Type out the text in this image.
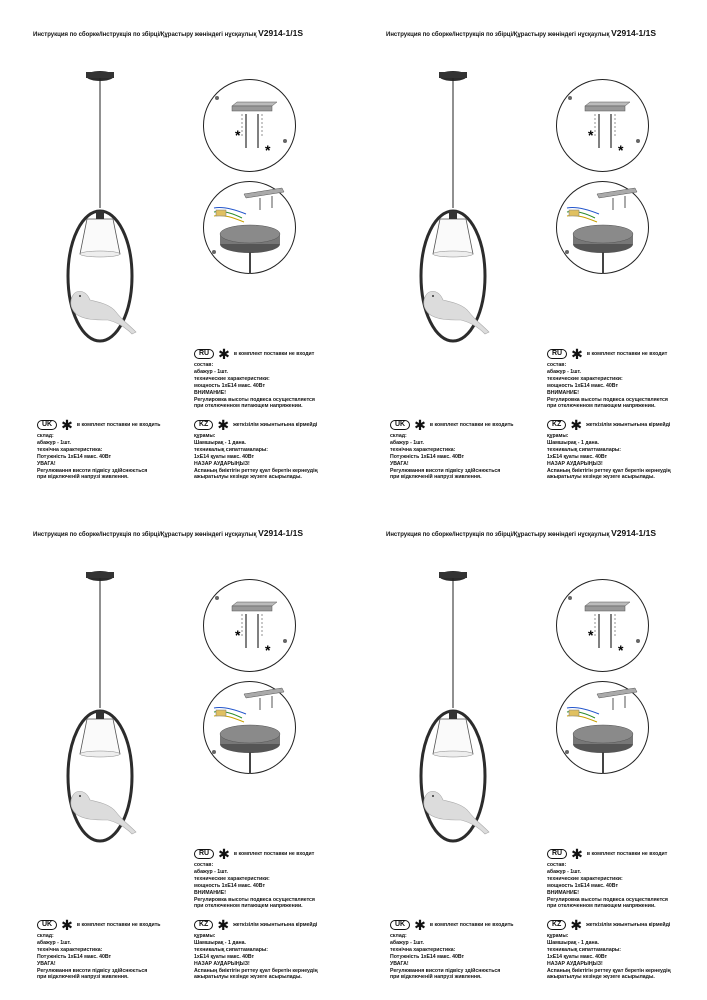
Инструкция по сборке/Інструкція по збірці/Құрастыру жөніндегі нұсқаулық V2914-1/1S
*
*
RU ✱ в комплект поставки не входит
состав:
абажур - 1шт.
технические характеристики:
мощность 1хЕ14 макс. 40Вт
ВНИМАНИЕ!
Регулировка высоты подвеса осуществляется
при отключенном питающем напряжении.
UK ✱ в комплект поставки не входить
склад:
абажур - 1шт.
технічна характеристика:
Потужність 1хЕ14 макс. 40Вт
УВАГА!
Регулювання висоти підвісу здійснюється
при відключеній напрузі живлення.
KZ ✱ жеткізілім жиынтығына кірмейді
құрамы:
Шамшырақ - 1 дана.
техникалық сипаттамалары:
1хЕ14 қуаты макс. 40Вт
НАЗАР АУДАРЫҢЫЗ!
Аспаның биіктігін реттеу қуат беретін кернеудің
ажыратылуы кезінде жүзеге асырылады.
Инструкция по сборке/Інструкція по збірці/Құрастыру жөніндегі нұсқаулық V2914-1/1S
*
*
RU ✱ в комплект поставки не входит
состав:
абажур - 1шт.
технические характеристики:
мощность 1хЕ14 макс. 40Вт
ВНИМАНИЕ!
Регулировка высоты подвеса осуществляется
при отключенном питающем напряжении.
UK ✱ в комплект поставки не входить
склад:
абажур - 1шт.
технічна характеристика:
Потужність 1хЕ14 макс. 40Вт
УВАГА!
Регулювання висоти підвісу здійснюється
при відключеній напрузі живлення.
KZ ✱ жеткізілім жиынтығына кірмейді
құрамы:
Шамшырақ - 1 дана.
техникалық сипаттамалары:
1хЕ14 қуаты макс. 40Вт
НАЗАР АУДАРЫҢЫЗ!
Аспаның биіктігін реттеу қуат беретін кернеудің
ажыратылуы кезінде жүзеге асырылады.
Инструкция по сборке/Інструкція по збірці/Құрастыру жөніндегі нұсқаулық V2914-1/1S
*
*
RU ✱ в комплект поставки не входит
состав:
абажур - 1шт.
технические характеристики:
мощность 1хЕ14 макс. 40Вт
ВНИМАНИЕ!
Регулировка высоты подвеса осуществляется
при отключенном питающем напряжении.
UK ✱ в комплект поставки не входить
склад:
абажур - 1шт.
технічна характеристика:
Потужність 1хЕ14 макс. 40Вт
УВАГА!
Регулювання висоти підвісу здійснюється
при відключеній напрузі живлення.
KZ ✱ жеткізілім жиынтығына кірмейді
құрамы:
Шамшырақ - 1 дана.
техникалық сипаттамалары:
1хЕ14 қуаты макс. 40Вт
НАЗАР АУДАРЫҢЫЗ!
Аспаның биіктігін реттеу қуат беретін кернеудің
ажыратылуы кезінде жүзеге асырылады.
Инструкция по сборке/Інструкція по збірці/Құрастыру жөніндегі нұсқаулық V2914-1/1S
*
*
RU ✱ в комплект поставки не входит
состав:
абажур - 1шт.
технические характеристики:
мощность 1хЕ14 макс. 40Вт
ВНИМАНИЕ!
Регулировка высоты подвеса осуществляется
при отключенном питающем напряжении.
UK ✱ в комплект поставки не входить
склад:
абажур - 1шт.
технічна характеристика:
Потужність 1хЕ14 макс. 40Вт
УВАГА!
Регулювання висоти підвісу здійснюється
при відключеній напрузі живлення.
KZ ✱ жеткізілім жиынтығына кірмейді
құрамы:
Шамшырақ - 1 дана.
техникалық сипаттамалары:
1хЕ14 қуаты макс. 40Вт
НАЗАР АУДАРЫҢЫЗ!
Аспаның биіктігін реттеу қуат беретін кернеудің
ажыратылуы кезінде жүзеге асырылады.
